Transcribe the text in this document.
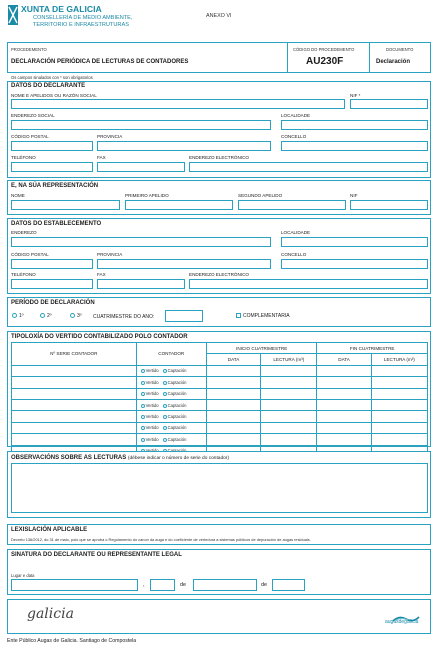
XUNTA DE GALICIA
CONSELLERÍA DE MEDIO AMBIENTE,
TERRITORIO E INFRAESTRUTURAS
ANEXO VI
PROCEDEMENTO
DECLARACIÓN PERIÓDICA DE LECTURAS DE CONTADORES
CÓDIGO DO PROCEDEMENTO
AU230F
DOCUMENTO
Declaración
Os campos sinalados con * son obrigatorios
DATOS DO DECLARANTE
NOME E APELIDOS OU RAZÓN SOCIAL	NIF *
ENDEREZO SOCIAL	LOCALIDADE
CÓDIGO POSTAL	PROVINCIA	CONCELLO
TELÉFONO	FAX	ENDEREZO ELECTRÓNICO
E, NA SÚA REPRESENTACIÓN
NOME	PRIMEIRO APELIDO	SEGUNDO APELIDO	NIF
DATOS DO ESTABLECEMENTO
ENDEREZO	LOCALIDADE
CÓDIGO POSTAL	PROVINCIA	CONCELLO
TELÉFONO	FAX	ENDEREZO ELECTRÓNICO
PERÍODO DE DECLARACIÓN
1º	2º	3º CUATRIMESTRE DO ANO:	COMPLEMENTARIA
TIPOLOXÍA DO VERTIDO CONTABILIZADO POLO CONTADOR
Nº SERIE CONTADOR	CONTADOR	INICIO CUATRIMESTRE		FIN CUATRIMESTRE	
		DATA	LECTURA (m³)	DATA	LECTURA (m³)
	Vertido Captación				
	Vertido Captación				
	Vertido Captación				
	Vertido Captación				
	Vertido Captación				
	Vertido Captación				
	Vertido Captación				

OBSERVACIÓNS SOBRE AS LECTURAS (débese indicar o número de serie do contador)
LEXISLACIÓN APLICABLE
Decreto 136/2012, do 31 de maio, polo que se aproba o Regulamento do canon da auga e do coeficiente de vertedura a sistemas públicos de depuración de augas residuais.
SINATURA DO DECLARANTE OU REPRESENTANTE LEGAL
Lugar e data
,	de	de
galicia	augasdegalicia
Ente Público Augas de Galicia. Santiago de Compostela
